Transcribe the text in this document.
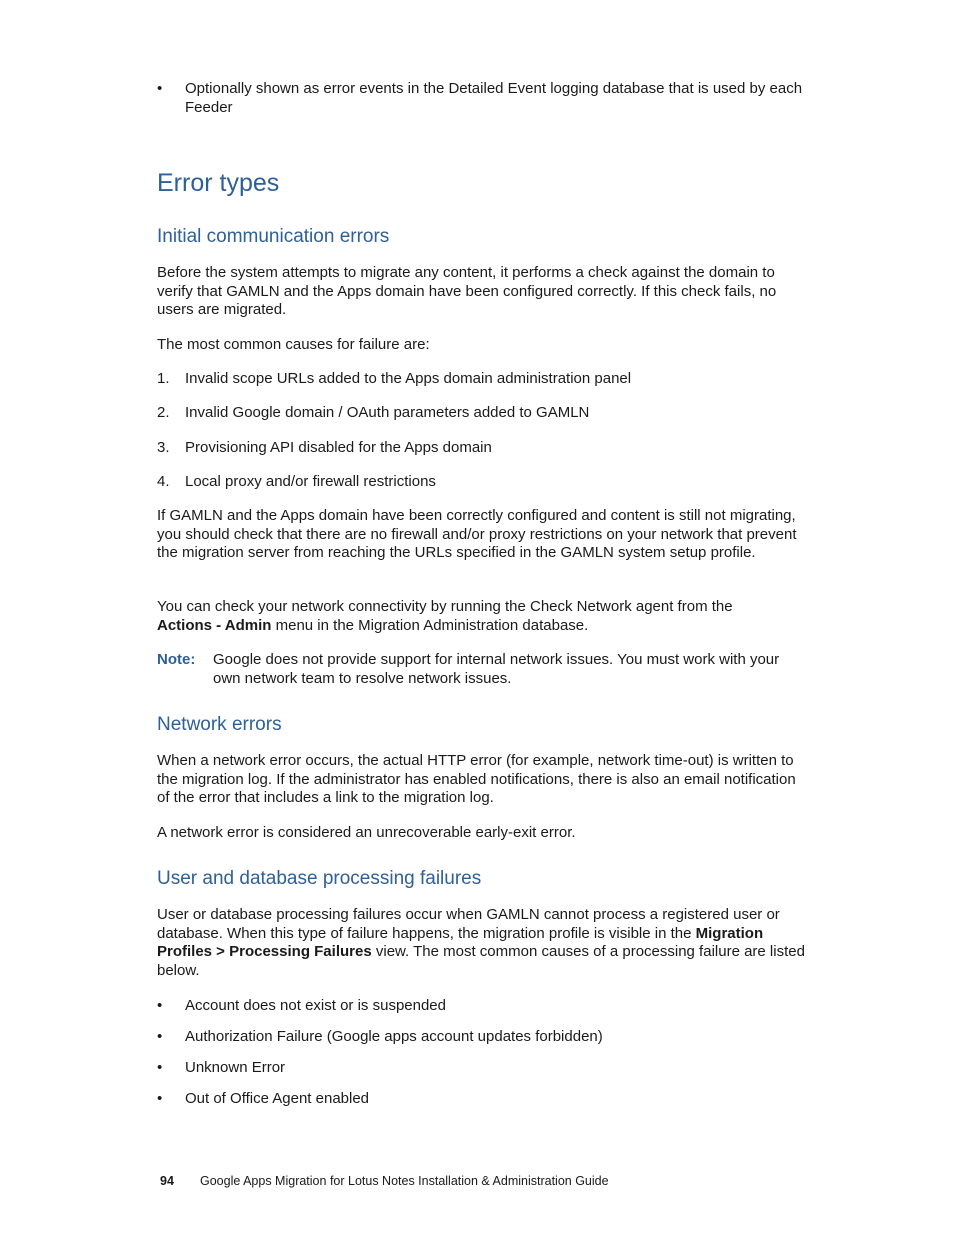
• Optionally shown as error events in the Detailed Event logging database that is used by each Feeder
Error types
Initial communication errors
Before the system attempts to migrate any content, it performs a check against the domain to verify that GAMLN and the Apps domain have been configured correctly. If this check fails, no users are migrated.
The most common causes for failure are:
1. Invalid scope URLs added to the Apps domain administration panel
2. Invalid Google domain / OAuth parameters added to GAMLN
3. Provisioning API disabled for the Apps domain
4. Local proxy and/or firewall restrictions
If GAMLN and the Apps domain have been correctly configured and content is still not migrating, you should check that there are no firewall and/or proxy restrictions on your network that prevent the migration server from reaching the URLs specified in the GAMLN system setup profile.
You can check your network connectivity by running the Check Network agent from the
Actions - Admin menu in the Migration Administration database.
Note: Google does not provide support for internal network issues. You must work with your own network team to resolve network issues.
Network errors
When a network error occurs, the actual HTTP error (for example, network time-out) is written to the migration log. If the administrator has enabled notifications, there is also an email notification of the error that includes a link to the migration log.
A network error is considered an unrecoverable early-exit error.
User and database processing failures
User or database processing failures occur when GAMLN cannot process a registered user or database. When this type of failure happens, the migration profile is visible in the Migration Profiles > Processing Failures view. The most common causes of a processing failure are listed below.
• Account does not exist or is suspended
• Authorization Failure (Google apps account updates forbidden)
• Unknown Error
• Out of Office Agent enabled
94 Google Apps Migration for Lotus Notes Installation & Administration Guide
